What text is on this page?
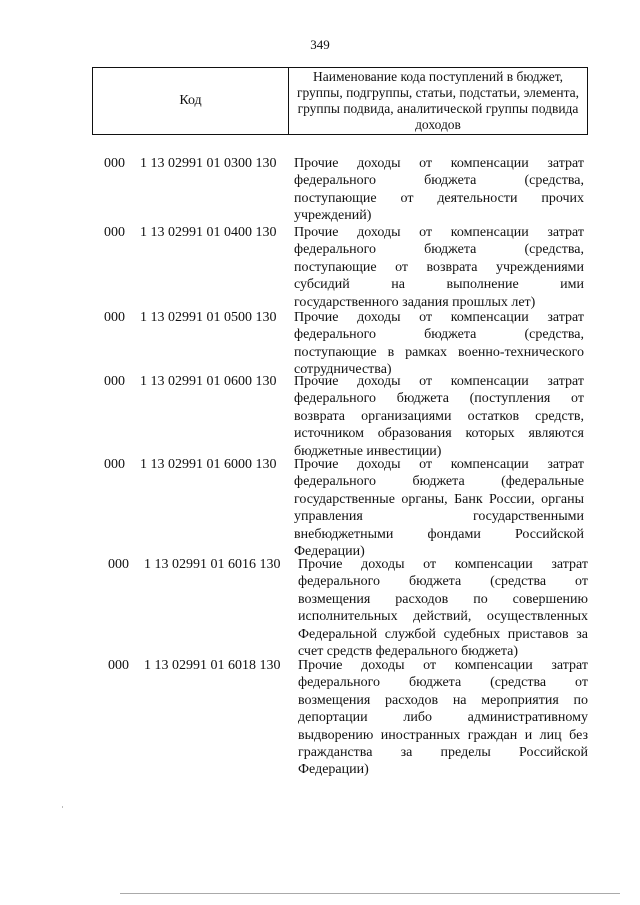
349
Код
Наименование кода поступлений в бюджет, группы, подгруппы, статьи, подстатьи, элемента, группы подвида, аналитической группы подвида доходов
000 1 13 02991 01 0300 130 Прочие доходы от компенсации затрат
федерального бюджета (средства,
поступающие от деятельности прочих
учреждений)
000 1 13 02991 01 0400 130 Прочие доходы от компенсации затрат
федерального бюджета (средства,
поступающие от возврата учреждениями
субсидий на выполнение ими
государственного задания прошлых лет)
000 1 13 02991 01 0500 130 Прочие доходы от компенсации затрат
федерального бюджета (средства,
поступающие в рамках военно-технического
сотрудничества)
000 1 13 02991 01 0600 130 Прочие доходы от компенсации затрат
федерального бюджета (поступления от
возврата организациями остатков средств,
источником образования которых являются
бюджетные инвестиции)
000 1 13 02991 01 6000 130 Прочие доходы от компенсации затрат
федерального бюджета (федеральные
государственные органы, Банк России, органы
управления государственными
внебюджетными фондами Российской
Федерации)
000 1 13 02991 01 6016 130 Прочие доходы от компенсации затрат
федерального бюджета (средства от
возмещения расходов по совершению
исполнительных действий, осуществленных
Федеральной службой судебных приставов за
счет средств федерального бюджета)
000 1 13 02991 01 6018 130 Прочие доходы от компенсации затрат
федерального бюджета (средства от
возмещения расходов на мероприятия по
депортации либо административному
выдворению иностранных граждан и лиц без
гражданства за пределы Российской
Федерации)
